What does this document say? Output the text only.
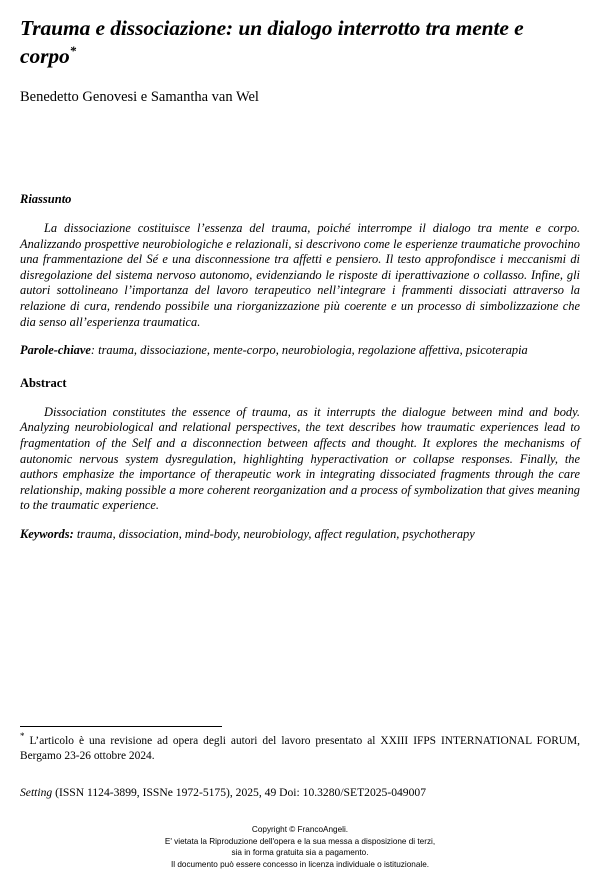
Trauma e dissociazione: un dialogo interrotto tra mente e corpo*

Benedetto Genovesi e Samantha van Wel

Riassunto

La dissociazione costituisce l’essenza del trauma, poiché interrompe il dialogo tra mente e corpo. Analizzando prospettive neurobiologiche e relazionali, si descrivono come le esperienze traumatiche provochino una frammentazione del Sé e una disconnessione tra affetti e pensiero. Il testo approfondisce i meccanismi di disregolazione del sistema nervoso autonomo, evidenziando le risposte di iperattivazione o collasso. Infine, gli autori sottolineano l’importanza del lavoro terapeutico nell’integrare i frammenti dissociati attraverso la relazione di cura, rendendo possibile una riorganizzazione più coerente e un processo di simbolizzazione che dia senso all’esperienza traumatica.

Parole-chiave: trauma, dissociazione, mente-corpo, neurobiologia, regolazione affettiva, psicoterapia

Abstract

Dissociation constitutes the essence of trauma, as it interrupts the dialogue between mind and body. Analyzing neurobiological and relational perspectives, the text describes how traumatic experiences lead to fragmentation of the Self and a disconnection between affects and thought. It explores the mechanisms of autonomic nervous system dysregulation, highlighting hyperactivation or collapse responses. Finally, the authors emphasize the importance of therapeutic work in integrating dissociated fragments through the care relationship, making possible a more coherent reorganization and a process of symbolization that gives meaning to the traumatic experience.

Keywords: trauma, dissociation, mind-body, neurobiology, affect regulation, psychotherapy

* L’articolo è una revisione ad opera degli autori del lavoro presentato al XXIII IFPS INTERNATIONAL FORUM, Bergamo 23-26 ottobre 2024.

Setting (ISSN 1124-3899, ISSNe 1972-5175), 2025, 49 Doi: 10.3280/SET2025-049007

Copyright © FrancoAngeli.
E' vietata la Riproduzione dell'opera e la sua messa a disposizione di terzi,
sia in forma gratuita sia a pagamento.
Il documento può essere concesso in licenza individuale o istituzionale.
